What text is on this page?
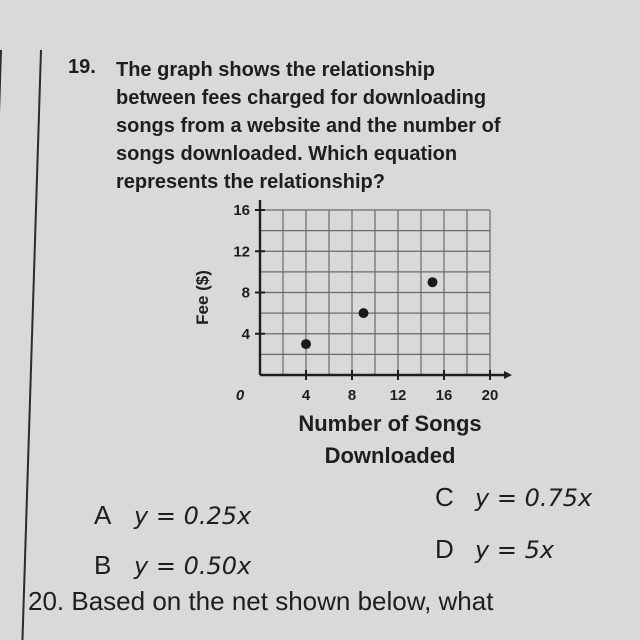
19. The graph shows the relationship
between fees charged for downloading
songs from a website and the number of
songs downloaded. Which equation
represents the relationship?
4	8 12 16 20
4
8
12
16
0
Fee ($)
Number of Songs
Downloaded
A y = 0.25x
B y = 0.50x
C y = 0.75x
D y = 5x
20. Based on the net shown below, what
